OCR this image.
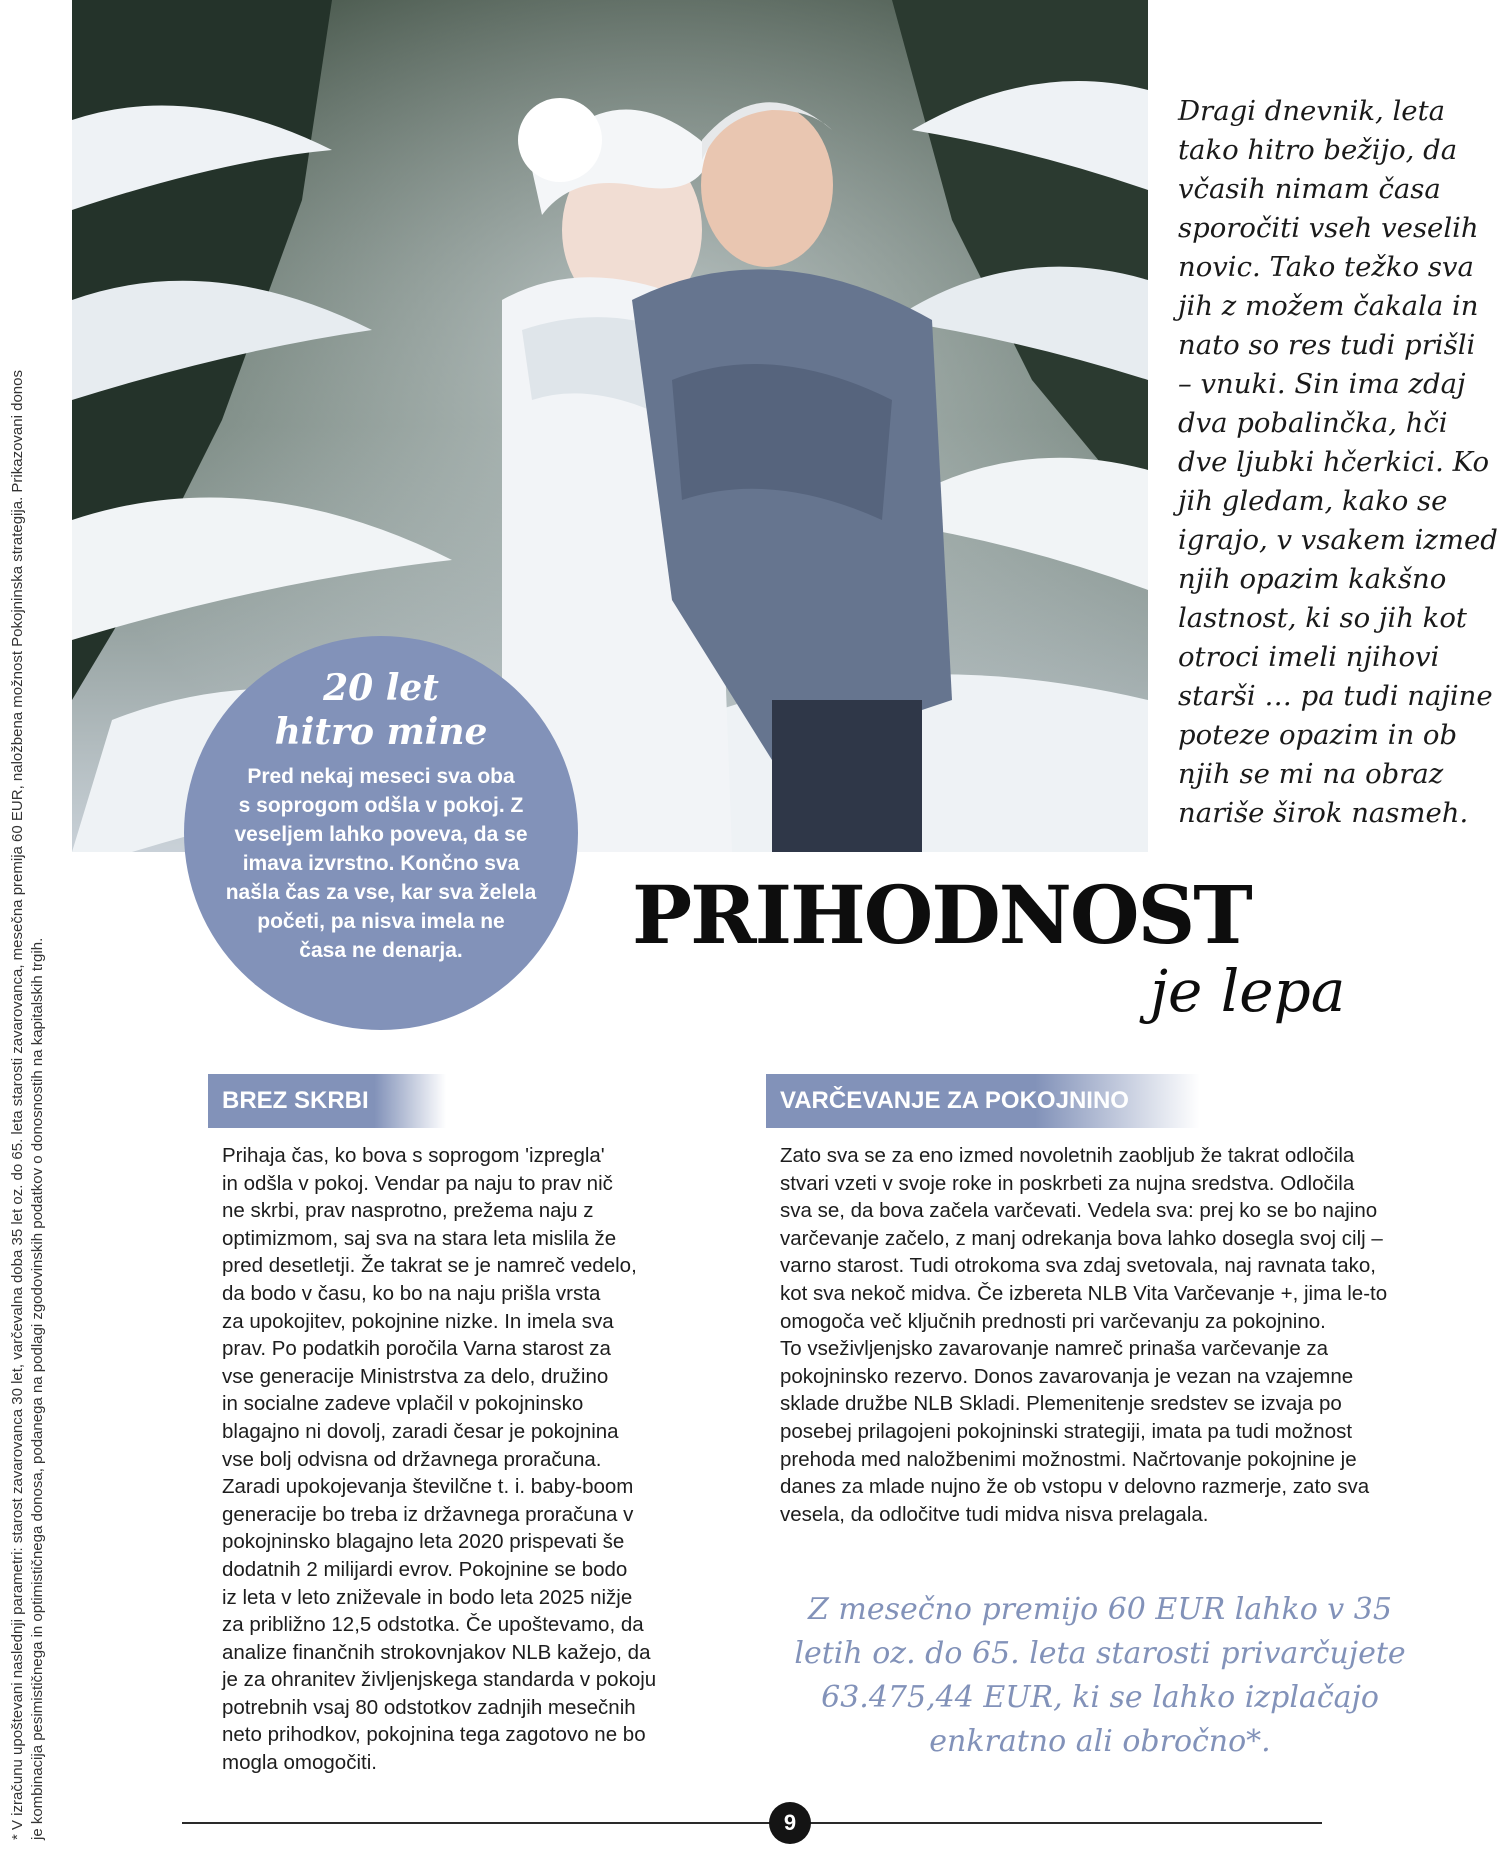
* V izračunu upoštevani naslednji parametri: starost zavarovanca 30 let, varčevalna doba 35 let oz. do 65. leta starosti zavarovanca, mesečna premija 60 EUR, naložbena možnost Pokojninska strategija. Prikazovani donos je kombinacija pesimističnega in optimističnega donosa, podanega na podlagi zgodovinskih podatkov o donosnostih na kapitalskih trgih.
Dragi dnevnik, leta
tako hitro bežijo, da
včasih nimam časa
sporočiti vseh veselih
novic. Tako težko sva
jih z možem čakala in
nato so res tudi prišli
– vnuki. Sin ima zdaj
dva pobalinčka, hči
dve ljubki hčerkici. Ko
jih gledam, kako se
igrajo, v vsakem izmed
njih opazim kakšno
lastnost, ki so jih kot
otroci imeli njihovi
starši … pa tudi najine
poteze opazim in ob
njih se mi na obraz
nariše širok nasmeh.
20 let
hitro mine
Pred nekaj meseci sva oba
s soprogom odšla v pokoj. Z
veseljem lahko poveva, da se
imava izvrstno. Končno sva
našla čas za vse, kar sva želela
početi, pa nisva imela ne
časa ne denarja.	PRIHODNOST
je lepa
BREZ SKRBI
Prihaja čas, ko bova s soprogom 'izpregla'
in odšla v pokoj. Vendar pa naju to prav nič
ne skrbi, prav nasprotno, prežema naju z
optimizmom, saj sva na stara leta mislila že
pred desetletji. Že takrat se je namreč vedelo,
da bodo v času, ko bo na naju prišla vrsta
za upokojitev, pokojnine nizke. In imela sva
prav. Po podatkih poročila Varna starost za
vse generacije Ministrstva za delo, družino
in socialne zadeve vplačil v pokojninsko
blagajno ni dovolj, zaradi česar je pokojnina
vse bolj odvisna od državnega proračuna.
Zaradi upokojevanja številčne t. i. baby-boom
generacije bo treba iz državnega proračuna v
pokojninsko blagajno leta 2020 prispevati še
dodatnih 2 milijardi evrov. Pokojnine se bodo
iz leta v leto zniževale in bodo leta 2025 nižje
za približno 12,5 odstotka. Če upoštevamo, da
analize finančnih strokovnjakov NLB kažejo, da
je za ohranitev življenjskega standarda v pokoju
potrebnih vsaj 80 odstotkov zadnjih mesečnih
neto prihodkov, pokojnina tega zagotovo ne bo
mogla omogočiti.
VARČEVANJE ZA POKOJNINO
Zato sva se za eno izmed novoletnih zaobljub že takrat odločila
stvari vzeti v svoje roke in poskrbeti za nujna sredstva. Odločila
sva se, da bova začela varčevati. Vedela sva: prej ko se bo najino
varčevanje začelo, z manj odrekanja bova lahko dosegla svoj cilj –
varno starost. Tudi otrokoma sva zdaj svetovala, naj ravnata tako,
kot sva nekoč midva. Če izbereta NLB Vita Varčevanje +, jima le-to
omogoča več ključnih prednosti pri varčevanju za pokojnino.
To vseživljenjsko zavarovanje namreč prinaša varčevanje za
pokojninsko rezervo. Donos zavarovanja je vezan na vzajemne
sklade družbe NLB Skladi. Plemenitenje sredstev se izvaja po
posebej prilagojeni pokojninski strategiji, imata pa tudi možnost
prehoda med naložbenimi možnostmi. Načrtovanje pokojnine je
danes za mlade nujno že ob vstopu v delovno razmerje, zato sva
vesela, da odločitve tudi midva nisva prelagala.
Z mesečno premijo 60 EUR lahko v 35
letih oz. do 65. leta starosti privarčujete
63.475,44 EUR, ki se lahko izplačajo
enkratno ali obročno*.
9
